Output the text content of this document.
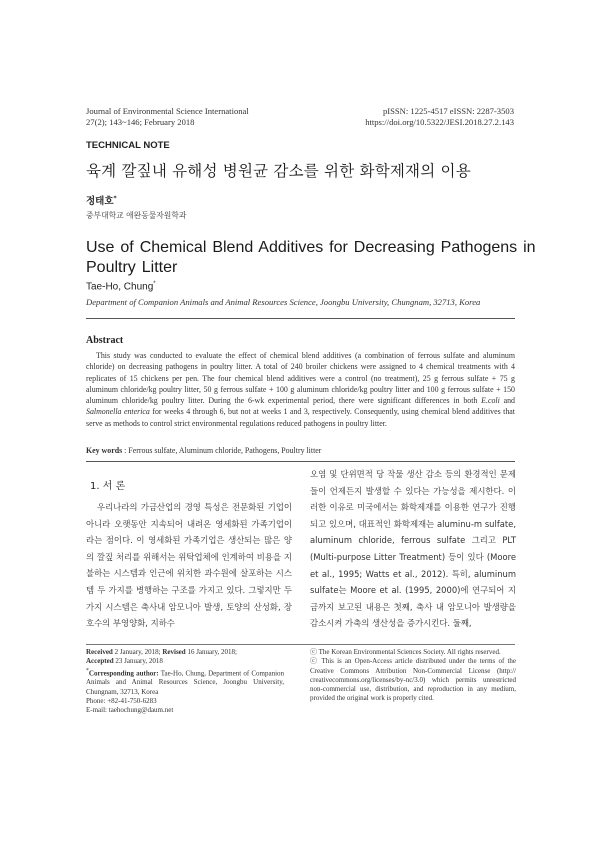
Journal of Environmental Science International
27(2); 143~146; February 2018
pISSN: 1225-4517 eISSN: 2287-3503
https://doi.org/10.5322/JESI.2018.27.2.143
TECHNICAL NOTE
육계 깔짚내 유해성 병원균 감소를 위한 화학제재의 이용
정태호*
중부대학교 애완동물자원학과
Use of Chemical Blend Additives for Decreasing Pathogens in
Poultry Litter
Tae-Ho, Chung*
Department of Companion Animals and Animal Resources Science, Joongbu University, Chungnam, 32713, Korea
Abstract
This study was conducted to evaluate the effect of chemical blend additives (a combination of ferrous sulfate and aluminum chloride) on decreasing pathogens in poultry litter. A total of 240 broiler chickens were assigned to 4 chemical treatments with 4 replicates of 15 chickens per pen. The four chemical blend additives were a control (no treatment), 25 g ferrous sulfate + 75 g aluminum chloride/kg poultry litter, 50 g ferrous sulfate + 100 g aluminum chloride/kg poultry litter and 100 g ferrous sulfate + 150 aluminum chloride/kg poultry litter. During the 6-wk experimental period, there were significant differences in both E.coli and Salmonella enterica for weeks 4 through 6, but not at weeks 1 and 3, respectively. Consequently, using chemical blend additives that serve as methods to control strict environmental regulations reduced pathogens in poultry litter.
Key words : Ferrous sulfate, Aluminum chloride, Pathogens, Poultry litter
1. 서 론

우리나라의 가금산업의 경영 특성은 전문화된 기업이 아니라 오랫동안 지속되어 내려온 영세화된 가족기업이라는 점이다. 이 영세화된 가족기업은 생산되는 많은 양의 깔짚 처리를 위해서는 위탁업체에 인계하여 비용을 지불하는 시스템과 인근에 위치한 과수원에 살포하는 시스템 두 가지를 병행하는 구조를 가지고 있다. 그렇지만 두 가지 시스템은 축사내 암모니아 발생, 토양의 산성화, 장호수의 부영양화, 지하수

오염 및 단위면적 당 작물 생산 감소 등의 환경적인 문제들이 언제든지 발생할 수 있다는 가능성을 제시한다. 이러한 이유로 미국에서는 화학제재를 이용한 연구가 진행되고 있으며, 대표적인 화학제재는 aluminu-m sulfate, aluminum chloride, ferrous sulfate 그리고 PLT (Multi-purpose Litter Treatment) 등이 있다 (Moore et al., 1995; Watts et al., 2012). 특히, aluminum sulfate는 Moore et al. (1995, 2000)에 연구되어 지금까지 보고된 내용은 첫째, 축사 내 암모니아 발생량을 감소시켜 가축의 생산성을 증가시킨다. 둘째,

Received 2 January, 2018; Revised 16 January, 2018;
Accepted 23 January, 2018
*Corresponding author: Tae-Ho, Chung, Department of Companion Animals and Animal Resources Science, Joongbu University, Chungnam, 32713, Korea
Phone: +82-41-750-6283
E-mail: taehochung@daum.net
ⓒ The Korean Environmental Sciences Society. All rights reserved.
ⓒ This is an Open-Access article distributed under the terms of the Creative Commons Attribution Non-Commercial License (http:// creativecommons.org/licenses/by-nc/3.0) which permits unrestricted non-commercial use, distribution, and reproduction in any medium, provided the original work is properly cited.
